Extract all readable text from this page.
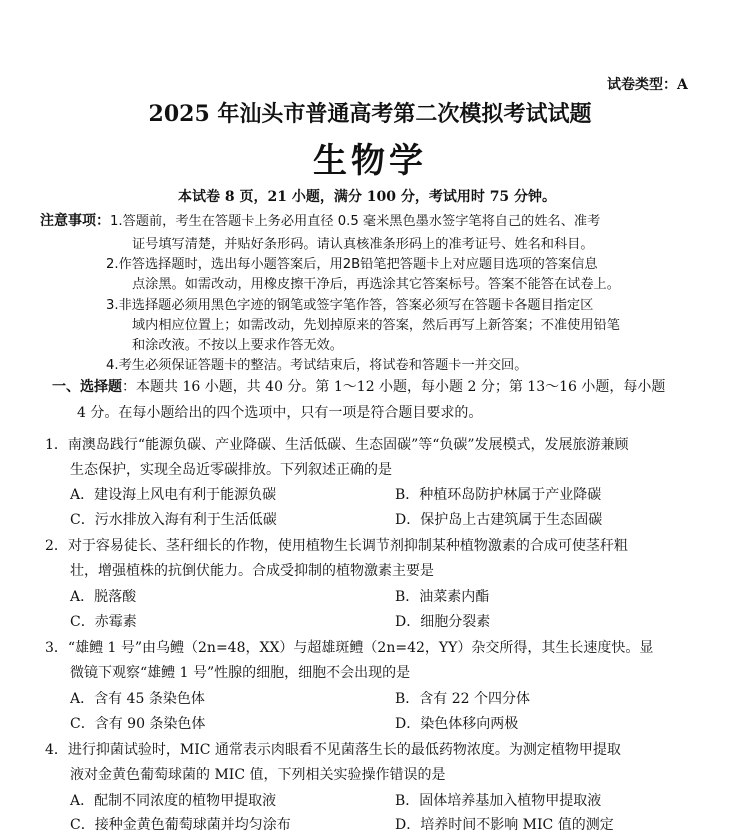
试卷类型：A
2025 年汕头市普通高考第二次模拟考试试题
生物学
本试卷 8 页，21 小题，满分 100 分，考试用时 75 分钟。
注意事项：1.答题前，考生在答题卡上务必用直径 0.5 毫米黑色墨水签字笔将自己的姓名、准考
证号填写清楚，并贴好条形码。请认真核准条形码上的准考证号、姓名和科目。
2.作答选择题时，选出每小题答案后，用2B铅笔把答题卡上对应题目选项的答案信息
点涂黑。如需改动，用橡皮擦干净后，再选涂其它答案标号。答案不能答在试卷上。
3.非选择题必须用黑色字迹的钢笔或签字笔作答，答案必须写在答题卡各题目指定区
域内相应位置上；如需改动，先划掉原来的答案，然后再写上新答案；不准使用铅笔
和涂改液。不按以上要求作答无效。
4.考生必须保证答题卡的整洁。考试结束后，将试卷和答题卡一并交回。
一、选择题：本题共 16 小题，共 40 分。第 1～12 小题，每小题 2 分；第 13～16 小题，每小题
4 分。在每小题给出的四个选项中，只有一项是符合题目要求的。
1．南澳岛践行“能源负碳、产业降碳、生活低碳、生态固碳”等“负碳”发展模式，发展旅游兼顾
生态保护，实现全岛近零碳排放。下列叙述正确的是
A．建设海上风电有利于能源负碳	B．种植环岛防护林属于产业降碳
C．污水排放入海有利于生活低碳	D．保护岛上古建筑属于生态固碳
2．对于容易徒长、茎秆细长的作物，使用植物生长调节剂抑制某种植物激素的合成可使茎秆粗
壮，增强植株的抗倒伏能力。合成受抑制的植物激素主要是
A．脱落酸	B．油菜素内酯
C．赤霉素	D．细胞分裂素
3．“雄鳢 1 号”由乌鳢（2n=48，XX）与超雄斑鳢（2n=42，YY）杂交所得，其生长速度快。显
微镜下观察“雄鳢 1 号”性腺的细胞，细胞不会出现的是
A．含有 45 条染色体	B．含有 22 个四分体
C．含有 90 条染色体	D．染色体移向两极
4．进行抑菌试验时，MIC 通常表示肉眼看不见菌落生长的最低药物浓度。为测定植物甲提取
液对金黄色葡萄球菌的 MIC 值，下列相关实验操作错误的是
A．配制不同浓度的植物甲提取液	B．固体培养基加入植物甲提取液
C．接种金黄色葡萄球菌并均匀涂布	D．培养时间不影响 MIC 值的测定
